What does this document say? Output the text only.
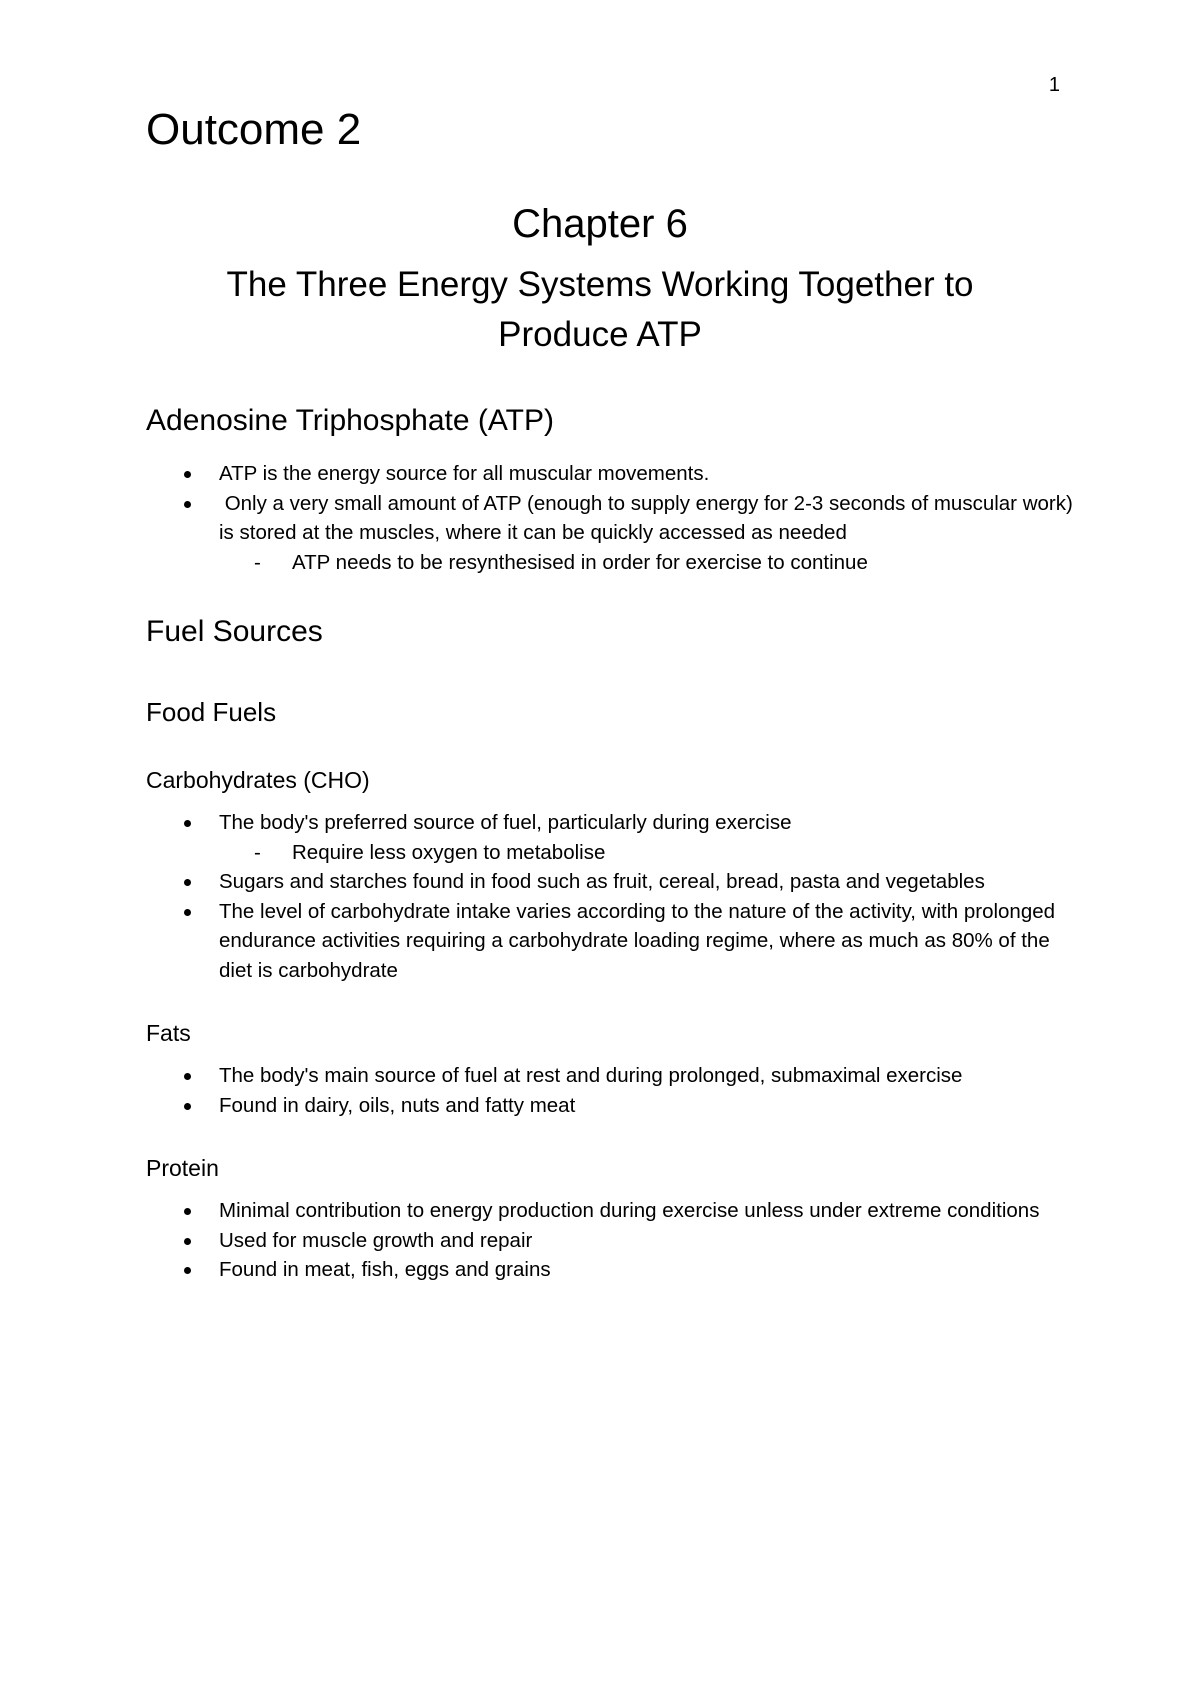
1
Outcome 2
Chapter 6
The Three Energy Systems Working Together to Produce ATP
Adenosine Triphosphate (ATP)
ATP is the energy source for all muscular movements.
Only a very small amount of ATP (enough to supply energy for 2-3 seconds of muscular work) is stored at the muscles, where it can be quickly accessed as needed
- ATP needs to be resynthesised in order for exercise to continue
Fuel Sources
Food Fuels
Carbohydrates (CHO)
The body's preferred source of fuel, particularly during exercise
- Require less oxygen to metabolise
Sugars and starches found in food such as fruit, cereal, bread, pasta and vegetables
The level of carbohydrate intake varies according to the nature of the activity, with prolonged endurance activities requiring a carbohydrate loading regime, where as much as 80% of the diet is carbohydrate
Fats
The body's main source of fuel at rest and during prolonged, submaximal exercise
Found in dairy, oils, nuts and fatty meat
Protein
Minimal contribution to energy production during exercise unless under extreme conditions
Used for muscle growth and repair
Found in meat, fish, eggs and grains
